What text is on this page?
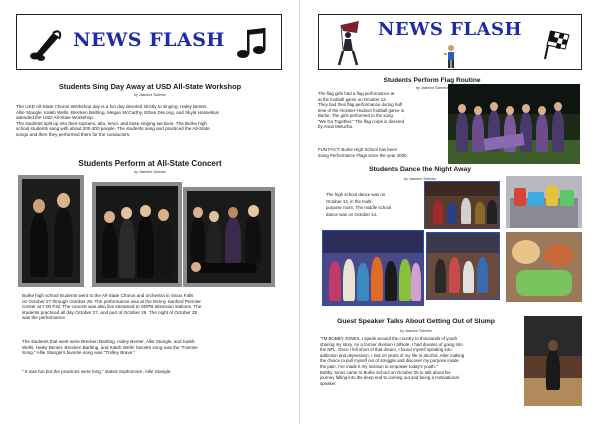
NEWS FLASH
Students Sing Day Away at USD All-State Workshop
by Jasmine Schmitz
The USD All-State Chorus Workshop day is a fun day devoted strictly to singing. Haley Benter,
Allie Stangle, Kaleb Wells, Brecken Bartling, Megan McCarthy, Ethan DeLong, and Skyla Hosselkus
attended the USD All-State Workshop.
The students split up into their soprano, alto, tenor, and base singing sections. The Burke high
school students sang with about 200-300 people. The students sang and practiced the All-State
songs and then they performed them for the conductors.
Students Perform at All-State Concert
by Jasmine Schmitz
Burke high school students went to the All-State Chorus and orchestra in Sioux Falls
on October 27 through October 28. The performance was at the Denny Sanford Premier
Center at 7:00 P.M. The concert was also live streamed to SDPB television stations. The
students practiced all day October 27, and part of October 28. The night of October 28
was the performance.
The students that went were Brecken Bartling, Haley Benter, Allie Stangle, and Kaleb
Wells. Haley Benter, Brecken Bartling, and Kaleb Wells' favorite song was the "Famine
Song." Allie Stangle's favorite song was "Trolley Brave."
" It was fun but the practices were long," stated Sophomore, Allie Stangle.
NEWS FLASH
Students Perform Flag Routine
by Jasmine Schmitz
The flag girls had a flag performance at
at the football game on October 13.
They had their flag performance during half
time of the Alcester-Hudson football game in
Burke. The girls performed to the song
"We Go Together." The flag corps is directed
by Anna Metucha.
FUN FACT: Burke High School has been
doing Performance Flags since the year 2000.
Students Dance the Night Away
by Jasmine Schmitz
The high school dance was on
October 13, in the multi-
purpose room. The middle school
dance was on October 14.
Guest Speaker Talks About Getting Out of Slump
by Jasmine Schmitz
"I'M BOBBY JONES. I speak around the country to thousands of youth
sharing my story. As a former division I athlete, I had dreams of going into
the NFL. Once I fell short of that dream, I found myself spiraling into
addiction and depression. I lost 10 years of my life to alcohol. After making
the choice to pull myself out of struggle and discover my purpose inside
the pain, I've made it my mission to empower today's youth."
Bobby Jones came to Burke School on October 25 to talk about his
journey falling into the deep end to coming out and being a motivational
speaker.
